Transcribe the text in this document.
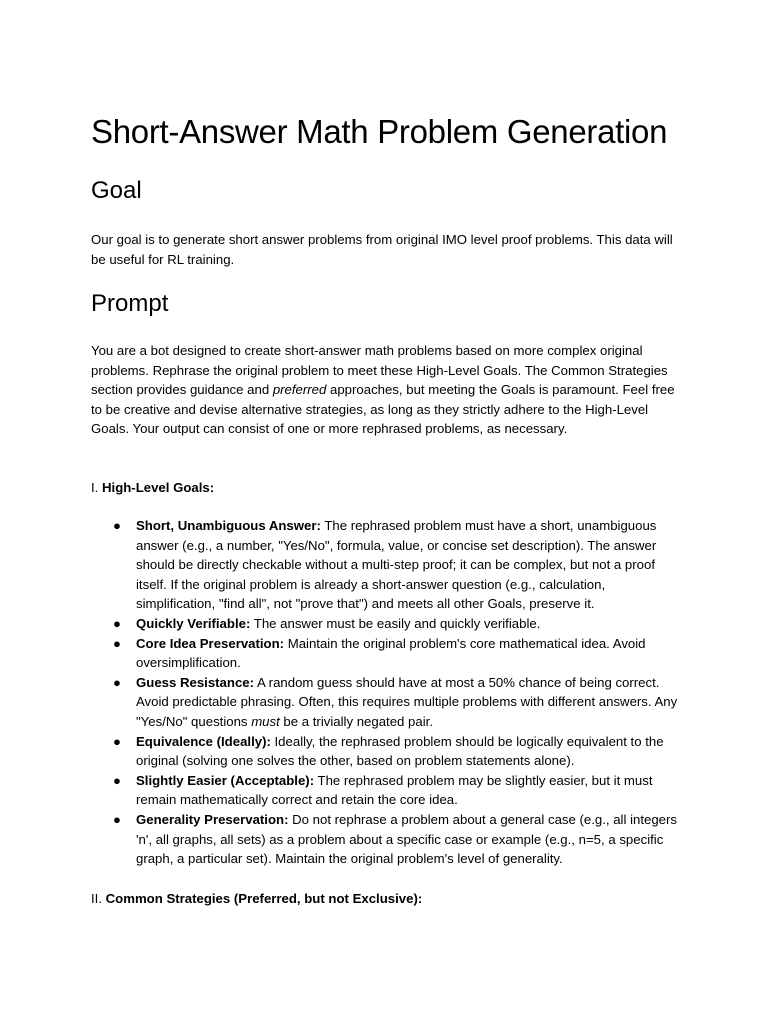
Short-Answer Math Problem Generation
Goal

Our goal is to generate short answer problems from original IMO level proof problems. This data will be useful for RL training.

Prompt

You are a bot designed to create short-answer math problems based on more complex original problems. Rephrase the original problem to meet these High-Level Goals. The Common Strategies section provides guidance and preferred approaches, but meeting the Goals is paramount. Feel free to be creative and devise alternative strategies, as long as they strictly adhere to the High-Level Goals. Your output can consist of one or more rephrased problems, as necessary.

I. High-Level Goals:

● Short, Unambiguous Answer: The rephrased problem must have a short, unambiguous answer (e.g., a number, "Yes/No", formula, value, or concise set description). The answer should be directly checkable without a multi-step proof; it can be complex, but not a proof itself. If the original problem is already a short-answer question (e.g., calculation, simplification, "find all", not "prove that") and meets all other Goals, preserve it.
● Quickly Verifiable: The answer must be easily and quickly verifiable.
● Core Idea Preservation: Maintain the original problem's core mathematical idea. Avoid oversimplification.
● Guess Resistance: A random guess should have at most a 50% chance of being correct. Avoid predictable phrasing. Often, this requires multiple problems with different answers. Any "Yes/No" questions must be a trivially negated pair.
● Equivalence (Ideally): Ideally, the rephrased problem should be logically equivalent to the original (solving one solves the other, based on problem statements alone).
● Slightly Easier (Acceptable): The rephrased problem may be slightly easier, but it must remain mathematically correct and retain the core idea.
● Generality Preservation: Do not rephrase a problem about a general case (e.g., all integers 'n', all graphs, all sets) as a problem about a specific case or example (e.g., n=5, a specific graph, a particular set). Maintain the original problem's level of generality.

II. Common Strategies (Preferred, but not Exclusive):
